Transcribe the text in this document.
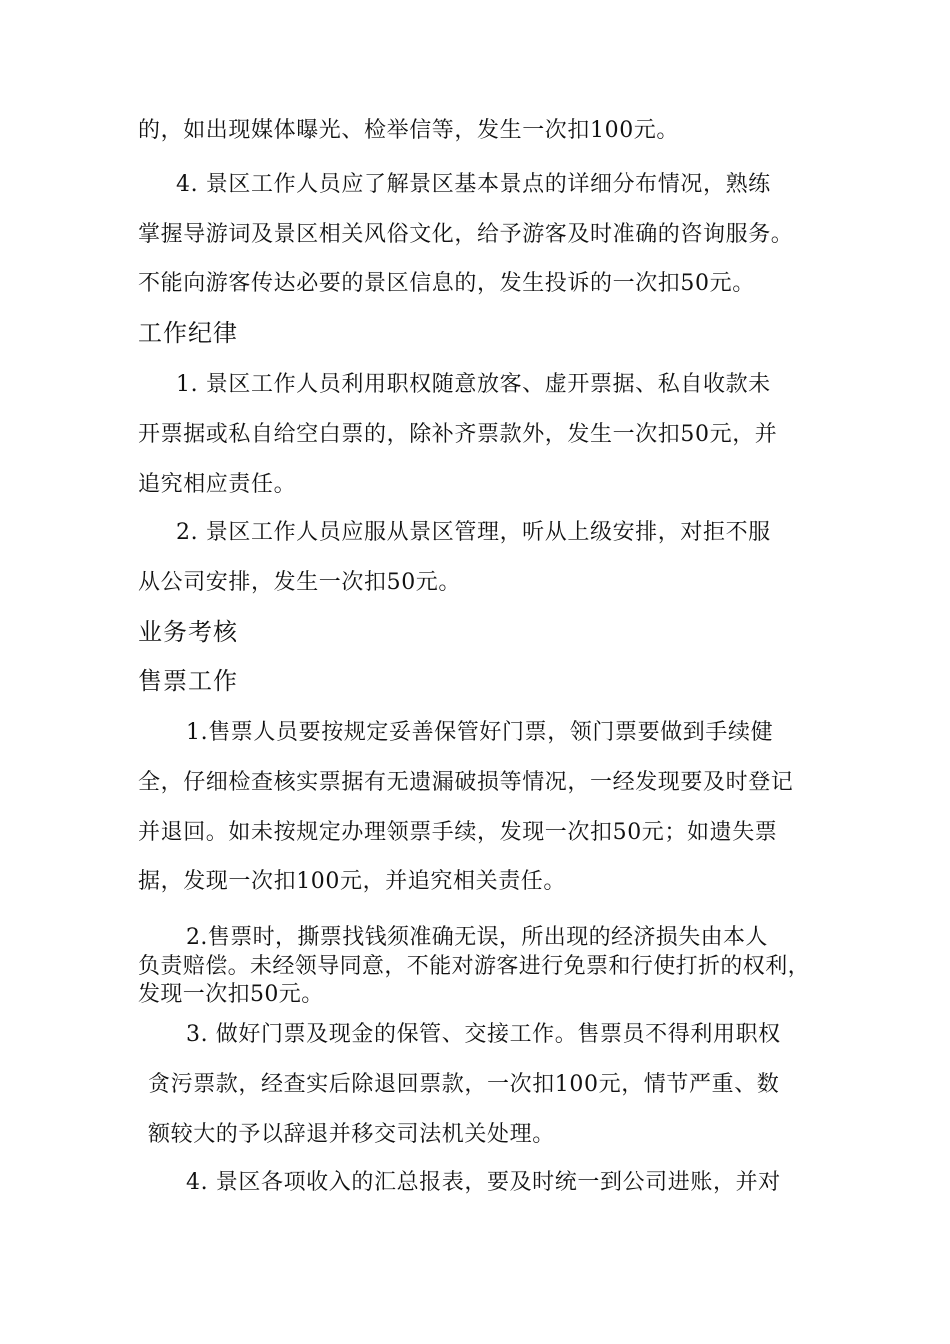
的，如出现媒体曝光、检举信等，发生一次扣100元。
4. 景区工作人员应了解景区基本景点的详细分布情况，熟练
掌握导游词及景区相关风俗文化，给予游客及时准确的咨询服务。
不能向游客传达必要的景区信息的，发生投诉的一次扣50元。
工作纪律
1. 景区工作人员利用职权随意放客、虚开票据、私自收款未
开票据或私自给空白票的，除补齐票款外，发生一次扣50元，并
追究相应责任。
2. 景区工作人员应服从景区管理，听从上级安排，对拒不服
从公司安排，发生一次扣50元。
业务考核
售票工作
1.售票人员要按规定妥善保管好门票，领门票要做到手续健
全，仔细检查核实票据有无遗漏破损等情况，一经发现要及时登记
并退回。如未按规定办理领票手续，发现一次扣50元；如遗失票
据，发现一次扣100元，并追究相关责任。
2.售票时，撕票找钱须准确无误，所出现的经济损失由本人
负责赔偿。未经领导同意，不能对游客进行免票和行使打折的权利，
发现一次扣50元。
3. 做好门票及现金的保管、交接工作。售票员不得利用职权
贪污票款，经查实后除退回票款，一次扣100元，情节严重、数
额较大的予以辞退并移交司法机关处理。
4. 景区各项收入的汇总报表，要及时统一到公司进账，并对
